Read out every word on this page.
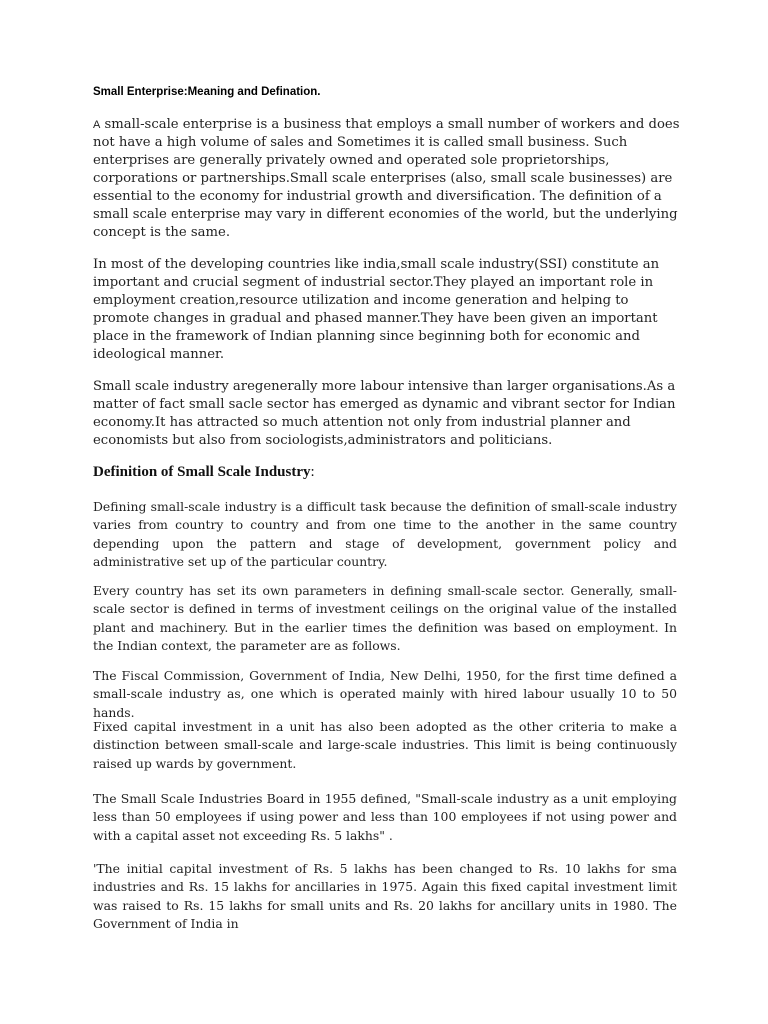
Small Enterprise:Meaning and Defination.

A small-scale enterprise is a business that employs a small number of workers and does not have a high volume of sales and Sometimes it is called small business. Such enterprises are generally privately owned and operated sole proprietorships, corporations or partnerships.Small scale enterprises (also, small scale businesses) are essential to the economy for industrial growth and diversification. The definition of a small scale enterprise may vary in different economies of the world, but the underlying concept is the same.

In most of the developing countries like india,small scale industry(SSI) constitute an important and crucial segment of industrial sector.They played an important role in employment creation,resource utilization and income generation and helping to promote changes in gradual and phased manner.They have been given an important place in the framework of Indian planning since beginning both for economic and ideological manner.

Small scale industry aregenerally more labour intensive than larger organisations.As a matter of fact small sacle sector has emerged as dynamic and vibrant sector for Indian economy.It has attracted so much attention not only from industrial planner and economists but also from sociologists,administrators and politicians.

Definition of Small Scale Industry:

Defining small-scale industry is a difficult task because the definition of small-scale industry varies from country to country and from one time to the another in the same country depending upon the pattern and stage of development, government policy and administrative set up of the particular country.

Every country has set its own parameters in defining small-scale sector. Generally, small-scale sector is defined in terms of investment ceilings on the original value of the installed plant and machinery. But in the earlier times the definition was based on employment. In the Indian context, the parameter are as follows.

The Fiscal Commission, Government of India, New Delhi, 1950, for the first time defined a small-scale industry as, one which is operated mainly with hired labour usually 10 to 50 hands.

Fixed capital investment in a unit has also been adopted as the other criteria to make a distinction between small-scale and large-scale industries. This limit is being continuously raised up wards by government.

The Small Scale Industries Board in 1955 defined, "Small-scale industry as a unit employing less than 50 employees if using power and less than 100 employees if not using power and with a capital asset not exceeding Rs. 5 lakhs" .

'The initial capital investment of Rs. 5 lakhs has been changed to Rs. 10 lakhs for sma industries and Rs. 15 lakhs for ancillaries in 1975. Again this fixed capital investment limit was raised to Rs. 15 lakhs for small units and Rs. 20 lakhs for ancillary units in 1980. The Government of India in
